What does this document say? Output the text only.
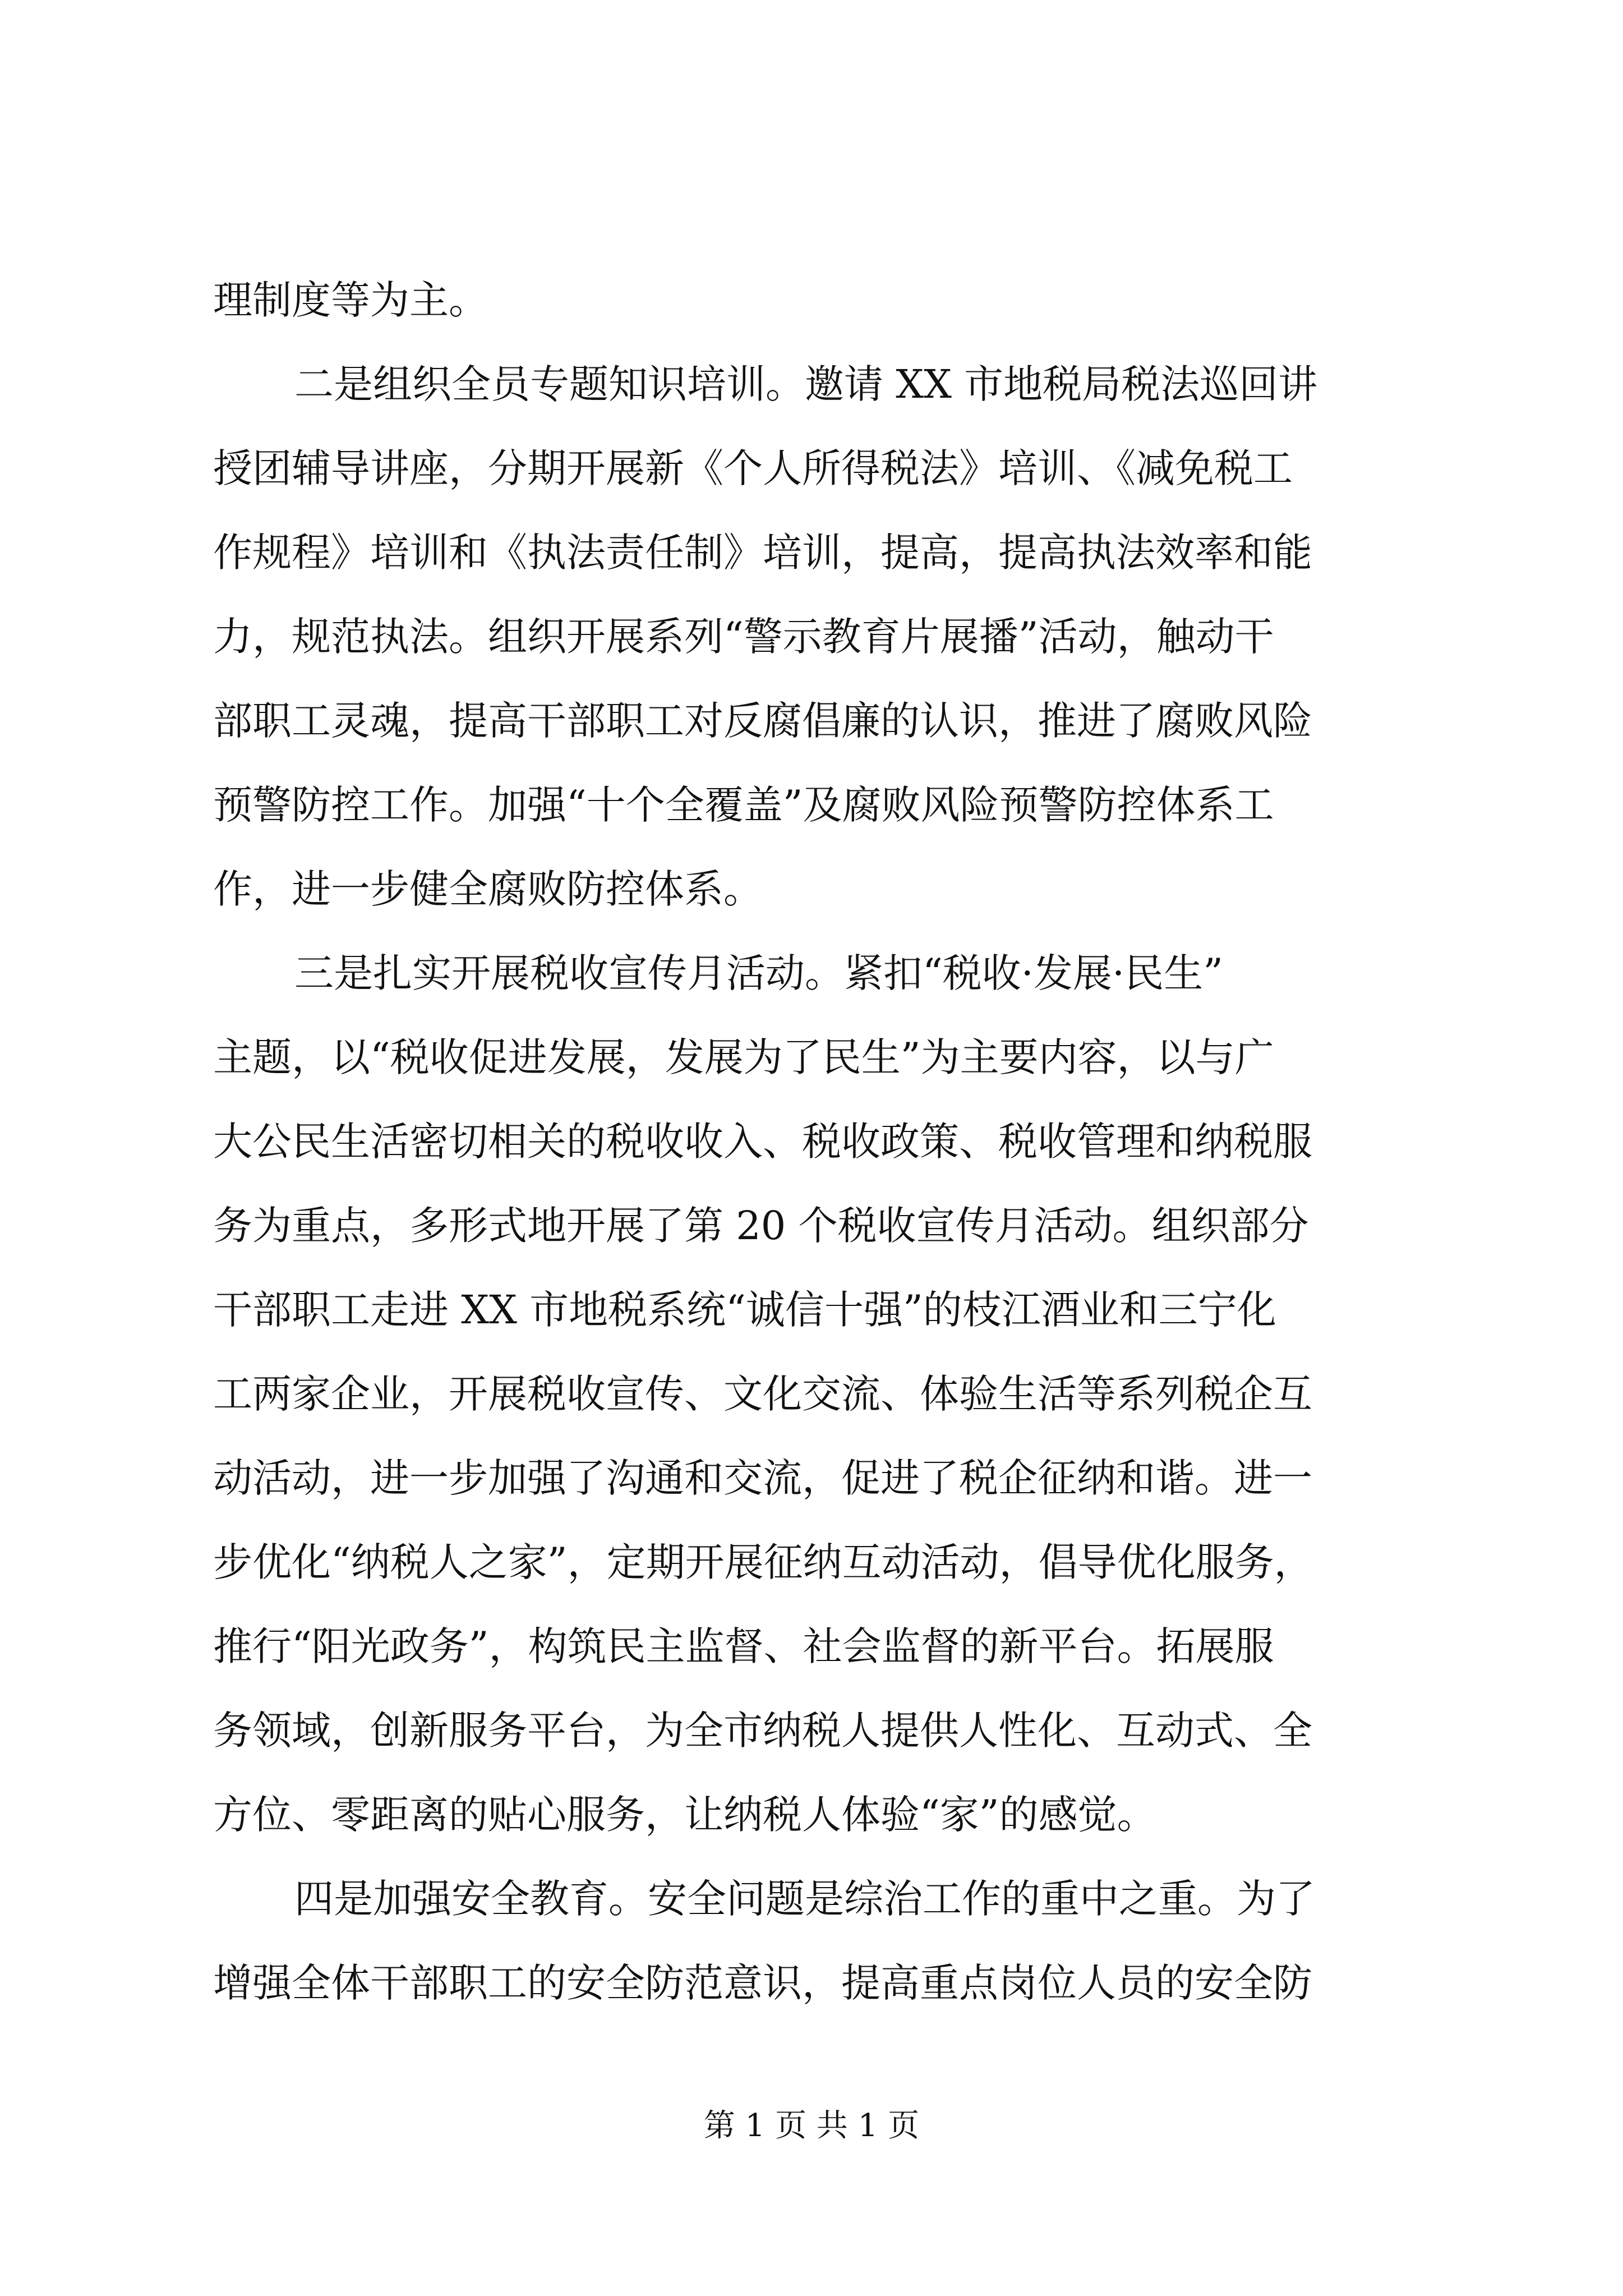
理制度等为主。
二是组织全员专题知识培训。邀请 XX 市地税局税法巡回讲
授团辅导讲座，分期开展新《个人所得税法》培训、《减免税工
作规程》培训和《执法责任制》培训，提高，提高执法效率和能
力，规范执法。组织开展系列“警示教育片展播”活动，触动干
部职工灵魂，提高干部职工对反腐倡廉的认识，推进了腐败风险
预警防控工作。加强“十个全覆盖”及腐败风险预警防控体系工
作，进一步健全腐败防控体系。
三是扎实开展税收宣传月活动。紧扣“税收·发展·民生”
主题，以“税收促进发展，发展为了民生”为主要内容，以与广
大公民生活密切相关的税收收入、税收政策、税收管理和纳税服
务为重点，多形式地开展了第 20 个税收宣传月活动。组织部分
干部职工走进 XX 市地税系统“诚信十强”的枝江酒业和三宁化
工两家企业，开展税收宣传、文化交流、体验生活等系列税企互
动活动，进一步加强了沟通和交流，促进了税企征纳和谐。进一
步优化“纳税人之家”，定期开展征纳互动活动，倡导优化服务，
推行“阳光政务”，构筑民主监督、社会监督的新平台。拓展服
务领域，创新服务平台，为全市纳税人提供人性化、互动式、全
方位、零距离的贴心服务，让纳税人体验“家”的感觉。
四是加强安全教育。安全问题是综治工作的重中之重。为了
增强全体干部职工的安全防范意识，提高重点岗位人员的安全防
第 1 页 共 1 页
